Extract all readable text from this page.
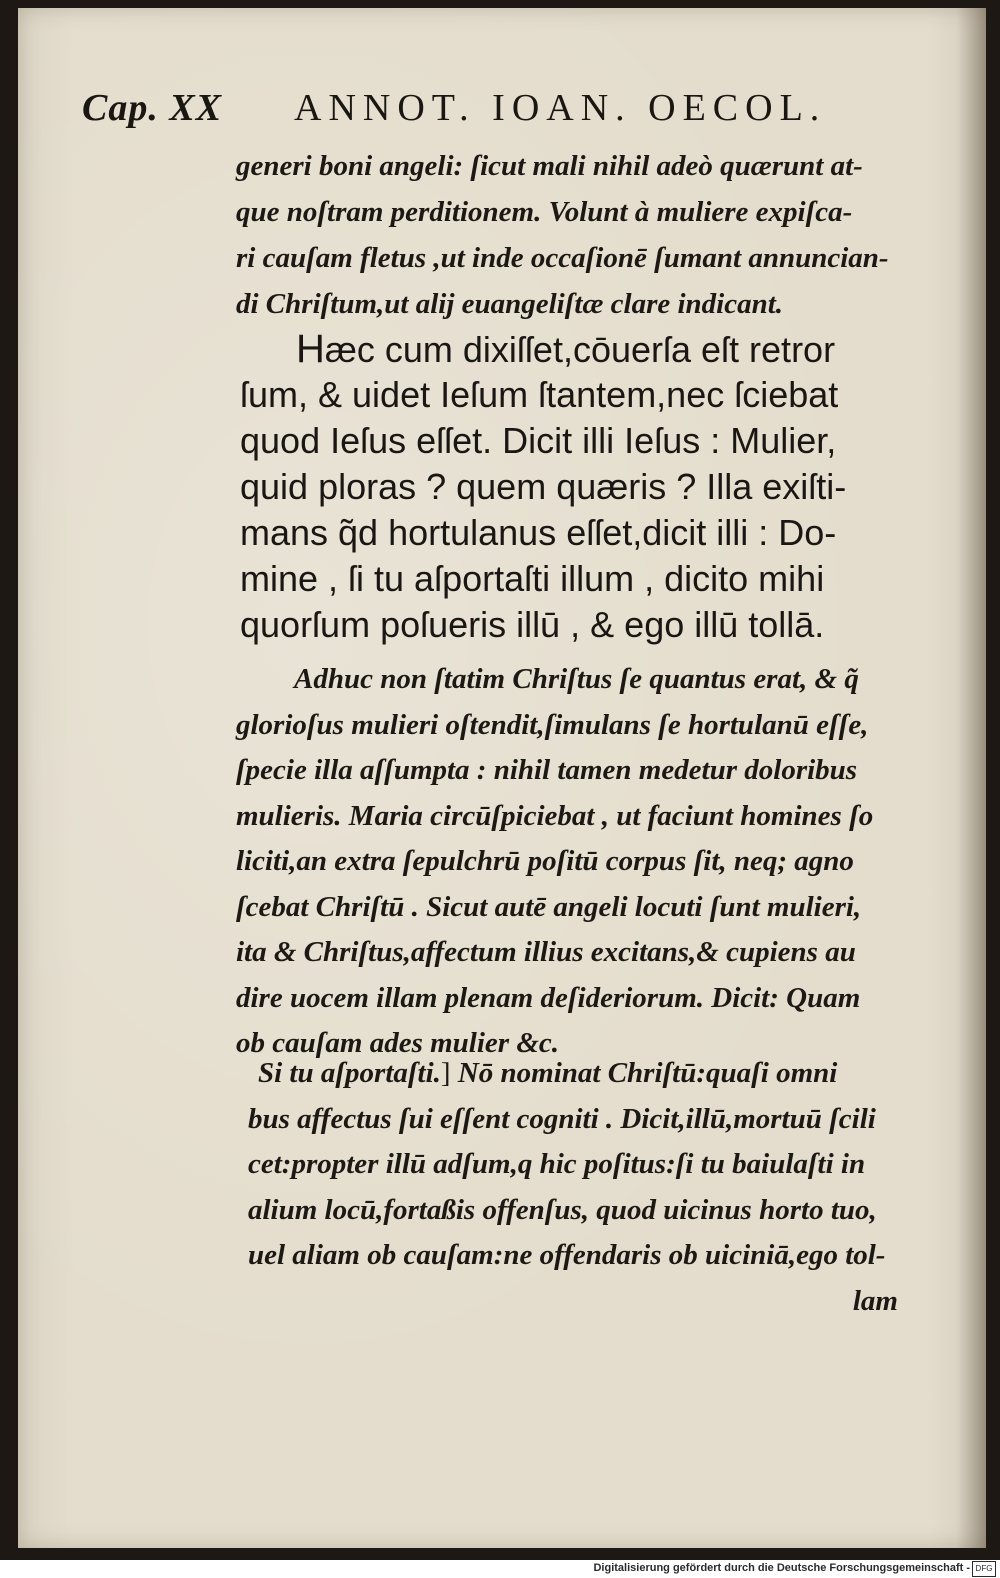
Cap. XX ANNOT. IOAN. OECOL.
generi boni angeli: ſicut mali nihil adeò quærunt at-
que noſtram perditionem. Volunt à muliere expiſca-
ri cauſam fletus ,ut inde occaſionē ſumant annuncian-
di Chriſtum,ut alij euangeliſtæ clare indicant.
Hæc cum dixiſſet,cōuerſa eſt retror
ſum, & uidet Ieſum ſtantem,nec ſciebat
quod Ieſus eſſet. Dicit illi Ieſus : Mulier,
quid ploras ? quem quæris ? Illa exiſti-
mans q̃d hortulanus eſſet,dicit illi : Do-
mine , ſi tu aſportaſti illum , dicito mihi
quorſum poſueris illū , & ego illū tollā.
Adhuc non ſtatim Chriſtus ſe quantus erat, & q̃
glorioſus mulieri oſtendit,ſimulans ſe hortulanū eſſe,
ſpecie illa aſſumpta : nihil tamen medetur doloribus
mulieris. Maria circūſpiciebat , ut faciunt homines ſo
liciti,an extra ſepulchrū poſitū corpus ſit, neq; agno
ſcebat Chriſtū . Sicut autē angeli locuti ſunt mulieri,
ita & Chriſtus,affectum illius excitans,& cupiens au
dire uocem illam plenam deſideriorum. Dicit: Quam
ob cauſam ades mulier &c.
Si tu aſportaſti.] Nō nominat Chriſtū:quaſi omni
bus affectus ſui eſſent cogniti . Dicit,illū,mortuū ſcili
cet:propter illū adſum,q hic poſitus:ſi tu baiulaſti in
alium locū,fortaßis offenſus, quod uicinus horto tuo,
uel aliam ob cauſam:ne offendaris ob uiciniā,ego tol-
lam
Digitalisierung gefördert durch die Deutsche Forschungsgemeinschaft - DFG
